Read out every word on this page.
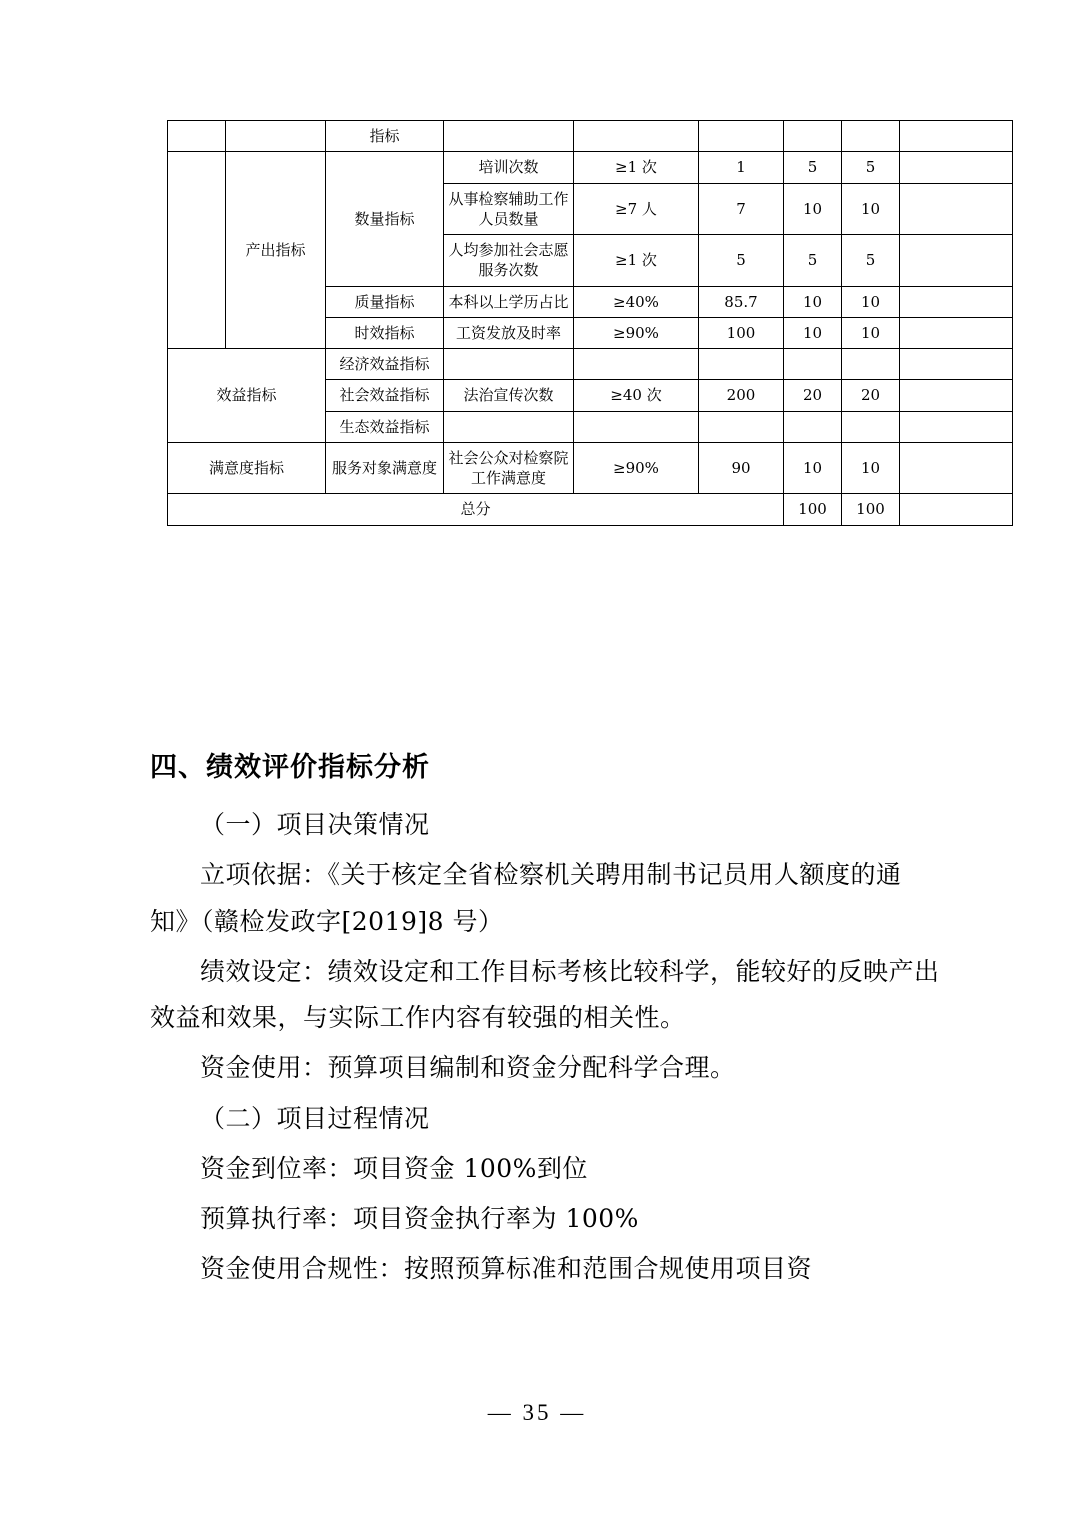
		指标						
	产出指标	数量指标	培训次数	≥1 次	1	5	5	
			从事检察辅助工作人员数量	≥7 人	7	10	10	
			人均参加社会志愿服务次数	≥1 次	5	5	5	
		质量指标	本科以上学历占比	≥40%	85.7	10	10	
		时效指标	工资发放及时率	≥90%	100	10	10	
效益指标		经济效益指标						
		社会效益指标	法治宣传次数	≥40 次	200	20	20	
		生态效益指标						
满意度指标		服务对象满意度	社会公众对检察院工作满意度	≥90%	90	10	10	
总分						100	100	
四、绩效评价指标分析

（一）项目决策情况

立项依据：《关于核定全省检察机关聘用制书记员用人额度的通知》（赣检发政字[2019]8 号）

绩效设定：绩效设定和工作目标考核比较科学，能较好的反映产出效益和效果，与实际工作内容有较强的相关性。

资金使用：预算项目编制和资金分配科学合理。

（二）项目过程情况

资金到位率：项目资金 100%到位

预算执行率：项目资金执行率为 100%

资金使用合规性：按照预算标准和范围合规使用项目资

— 35 —
